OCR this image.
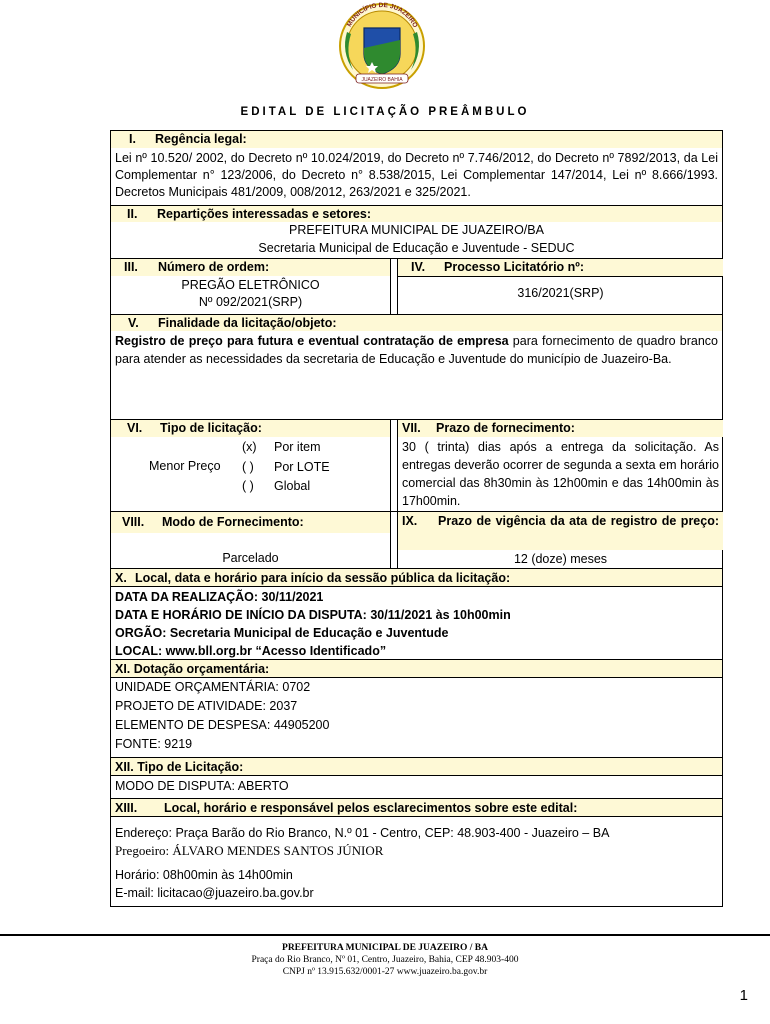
MUNICÍPIO DE JUAZEIRO
JUAZEIRO BAHIA
EDITAL DE LICITAÇÃO PREÂMBULO
I. Regência legal:
Lei nº 10.520/ 2002, do Decreto nº 10.024/2019, do Decreto nº 7.746/2012, do Decreto nº 7892/2013, da Lei Complementar n° 123/2006, do Decreto n° 8.538/2015, Lei Complementar 147/2014, Lei nº 8.666/1993. Decretos Municipais 481/2009, 008/2012, 263/2021 e 325/2021.
II. Repartições interessadas e setores:
PREFEITURA MUNICIPAL DE JUAZEIRO/BA
Secretaria Municipal de Educação e Juventude - SEDUC
III. Número de ordem:
PREGÃO ELETRÔNICO
Nº 092/2021(SRP)
IV. Processo Licitatório nº:
316/2021(SRP)
V. Finalidade da licitação/objeto:
Registro de preço para futura e eventual contratação de empresa para fornecimento de quadro branco para atender as necessidades da secretaria de Educação e Juventude do município de Juazeiro-Ba.
VI. Tipo de licitação:
Menor Preço
(x) Por item
( ) Por LOTE
( ) Global
VII. Prazo de fornecimento:
30 ( trinta) dias após a entrega da solicitação. As entregas deverão ocorrer de segunda a sexta em horário comercial das 8h30min às 12h00min e das 14h00min às 17h00min.
VIII. Modo de Fornecimento:
Parcelado
IX. Prazo de vigência da ata de registro de preço:
12 (doze) meses
X. Local, data e horário para início da sessão pública da licitação:
DATA DA REALIZAÇÃO: 30/11/2021
DATA E HORÁRIO DE INÍCIO DA DISPUTA: 30/11/2021 às 10h00min
ORGÃO: Secretaria Municipal de Educação e Juventude
LOCAL: www.bll.org.br “Acesso Identificado”
XI. Dotação orçamentária:
UNIDADE ORÇAMENTÁRIA: 0702
PROJETO DE ATIVIDADE: 2037
ELEMENTO DE DESPESA: 44905200
FONTE: 9219
XII. Tipo de Licitação:
MODO DE DISPUTA: ABERTO
XIII. Local, horário e responsável pelos esclarecimentos sobre este edital:
Endereço: Praça Barão do Rio Branco, N.º 01 - Centro, CEP: 48.903-400 - Juazeiro – BA
Pregoeiro: ÁLVARO MENDES SANTOS JÚNIOR
Horário: 08h00min às 14h00min
E-mail: licitacao@juazeiro.ba.gov.br
PREFEITURA MUNICIPAL DE JUAZEIRO / BA
Praça do Rio Branco, Nº 01, Centro, Juazeiro, Bahia, CEP 48.903-400
CNPJ nº 13.915.632/0001-27 www.juazeiro.ba.gov.br
1
